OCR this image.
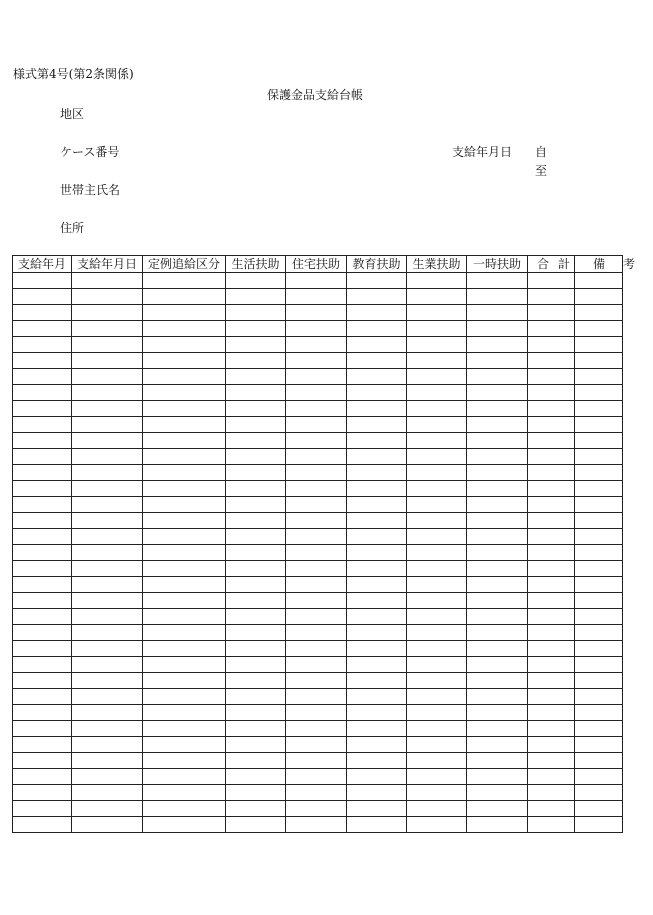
様式第4号(第2条関係)
保護金品支給台帳
地区
ケース番号	支給年月日 自
至
世帯主氏名
住所
支給年月	支給年月日	定例追給区分	生活扶助	住宅扶助	教育扶助	生業扶助	一時扶助	合計	備考
